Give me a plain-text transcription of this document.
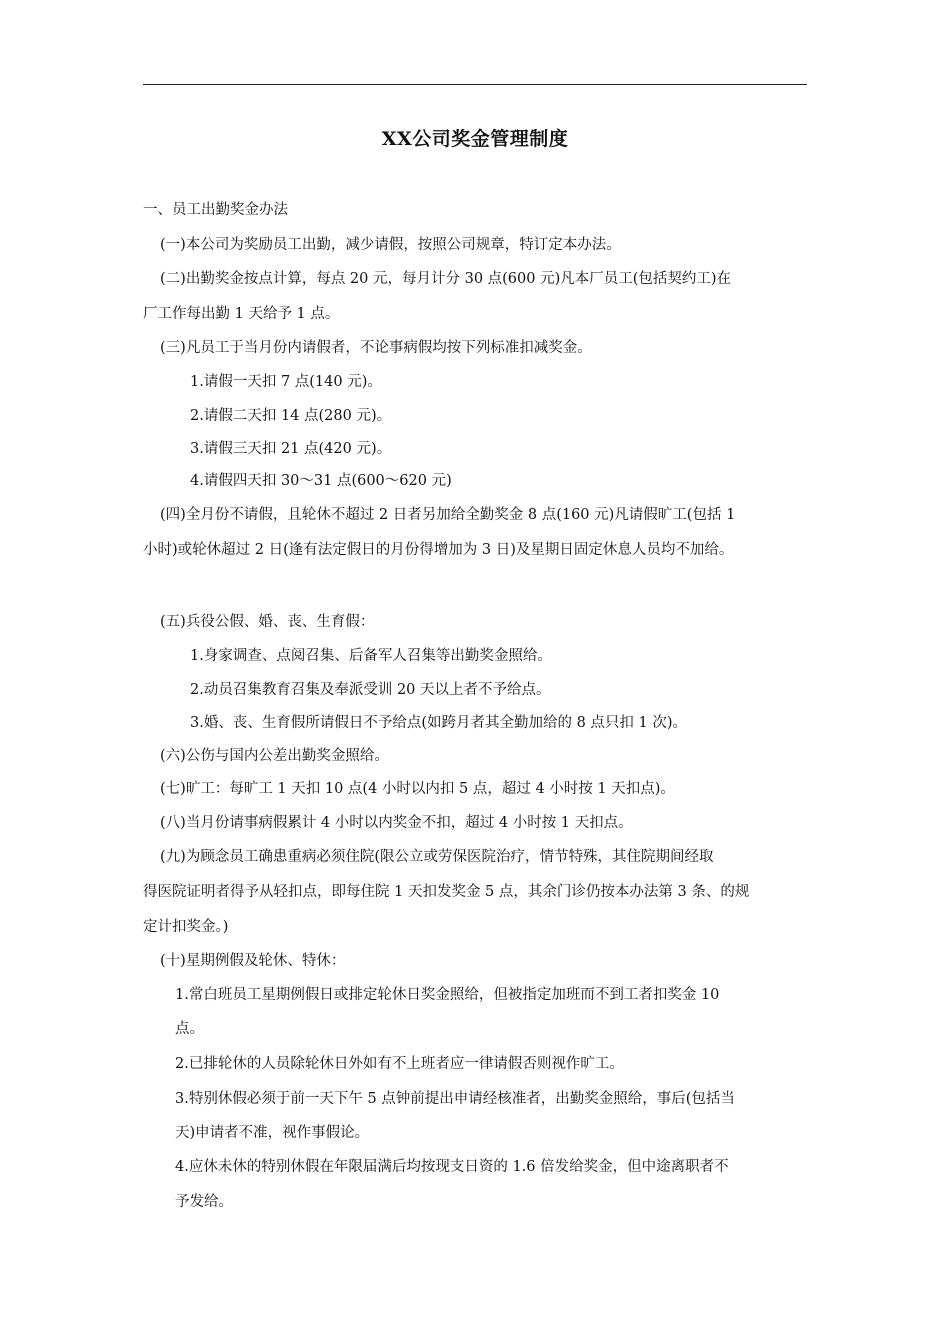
XX公司奖金管理制度
一、员工出勤奖金办法
(一)本公司为奖励员工出勤，减少请假，按照公司规章，特订定本办法。
(二)出勤奖金按点计算，每点 20 元，每月计分 30 点(600 元)凡本厂员工(包括契约工)在
厂工作每出勤 1 天给予 1 点。
(三)凡员工于当月份内请假者，不论事病假均按下列标准扣减奖金。
1.请假一天扣 7 点(140 元)。
2.请假二天扣 14 点(280 元)。
3.请假三天扣 21 点(420 元)。
4.请假四天扣 30～31 点(600～620 元)
(四)全月份不请假，且轮休不超过 2 日者另加给全勤奖金 8 点(160 元)凡请假旷工(包括 1
小时)或轮休超过 2 日(逢有法定假日的月份得增加为 3 日)及星期日固定休息人员均不加给。
(五)兵役公假、婚、丧、生育假：
1.身家调查、点阅召集、后备军人召集等出勤奖金照给。
2.动员召集教育召集及奉派受训 20 天以上者不予给点。
3.婚、丧、生育假所请假日不予给点(如跨月者其全勤加给的 8 点只扣 1 次)。
(六)公伤与国内公差出勤奖金照给。
(七)旷工：每旷工 1 天扣 10 点(4 小时以内扣 5 点，超过 4 小时按 1 天扣点)。
(八)当月份请事病假累计 4 小时以内奖金不扣，超过 4 小时按 1 天扣点。
(九)为顾念员工确患重病必须住院(限公立或劳保医院治疗，情节特殊，其住院期间经取
得医院证明者得予从轻扣点，即每住院 1 天扣发奖金 5 点，其余门诊仍按本办法第 3 条、的规
定计扣奖金。)
(十)星期例假及轮休、特休：
1.常白班员工星期例假日或排定轮休日奖金照给，但被指定加班而不到工者扣奖金 10
点。
2.已排轮休的人员除轮休日外如有不上班者应一律请假否则视作旷工。
3.特别休假必须于前一天下午 5 点钟前提出申请经核准者，出勤奖金照给，事后(包括当
天)申请者不准，视作事假论。
4.应休未休的特别休假在年限届满后均按现支日资的 1.6 倍发给奖金，但中途离职者不
予发给。
